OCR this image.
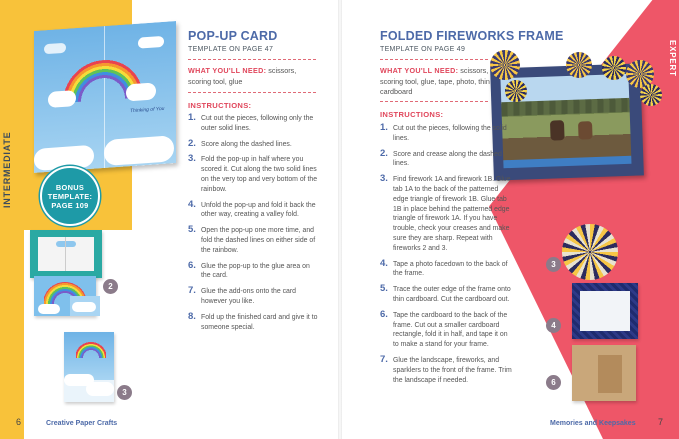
INTERMEDIATE
Thinking of You
BONUS
TEMPLATE:
PAGE 109
2
3
POP-UP CARD
TEMPLATE ON PAGE 47
WHAT YOU'LL NEED: scissors, scoring tool, glue
INSTRUCTIONS:
1. Cut out the pieces, following only the outer solid lines.
2. Score along the dashed lines.
3. Fold the pop-up in half where you scored it. Cut along the two solid lines on the very top and very bottom of the rainbow.
4. Unfold the pop-up and fold it back the other way, creating a valley fold.
5. Open the pop-up one more time, and fold the dashed lines on either side of the rainbow.
6. Glue the pop-up to the glue area on the card.
7. Glue the add-ons onto the card however you like.
8. Fold up the finished card and give it to someone special.
6	Creative Paper Crafts
EXPERT
3
4
6
FOLDED FIREWORKS FRAME
TEMPLATE ON PAGE 49
WHAT YOU'LL NEED: scissors, scoring tool, glue, tape, photo, thin cardboard
INSTRUCTIONS:
1. Cut out the pieces, following the solid lines.
2. Score and crease along the dashed lines.
3. Find firework 1A and firework 1B. Glue tab 1A to the back of the patterned edge triangle of firework 1B. Glue tab 1B in place behind the patterned edge triangle of firework 1A. If you have trouble, check your creases and make sure they are sharp. Repeat with fireworks 2 and 3.
4. Tape a photo facedown to the back of the frame.
5. Trace the outer edge of the frame onto thin cardboard. Cut the cardboard out.
6. Tape the cardboard to the back of the frame. Cut out a smaller cardboard rectangle, fold it in half, and tape it on to make a stand for your frame.
7. Glue the landscape, fireworks, and sparklers to the front of the frame. Trim the landscape if needed.
Memories and Keepsakes 7
